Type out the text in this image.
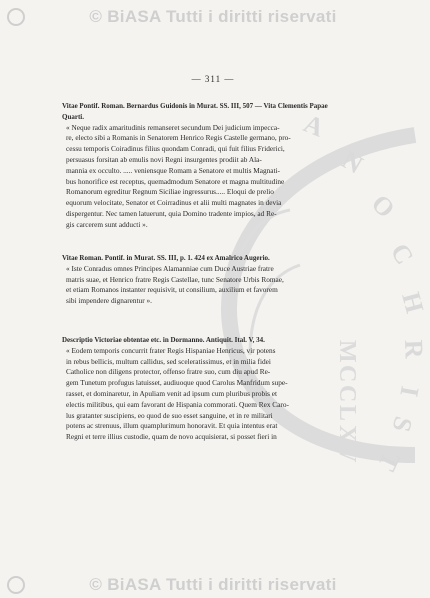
© BiASA Tutti i diritti riservati
A
N
O
C
H
R
I
S
T
M
C
C
L
X
V
— 311 —
Vitae Pontif. Roman. Bernardus Guidonis in Murat. SS. III, 507 — Vita Clementis Papae Quarti.
« Neque radix amaritudinis remanseret secundum Dei judicium impecca-
re, electo sibi a Romanis in Senatorem Henrico Regis Castelle germano, pro-
cessu temporis Coiradinus filius quondam Conradi, qui fuit filius Friderici,
persuasus forsitan ab emulis novi Regni insurgentes prodiit ab Ala-
mannia ex occulto. ..... veniensque Romam a Senatore et multis Magnati-
bus honorifice est receptus, quemadmodum Senatore et magna multitudine
Romanorum egreditur Regnum Siciliae ingressurus..... Eloqui de prelio
equorum velocitate, Senator et Coirradinus et alii multi magnates in devia
dispergentur. Nec tamen latuerunt, quia Domino tradente impios, ad Re-
gis carcerem sunt adducti ».
Vitae Roman. Pontif. in Murat. SS. III, p. 1. 424 ex Amalrico Augerio.
« Iste Conradus omnes Principes Alamanniae cum Duce Austriae fratre
matris suae, et Henrico fratre Regis Castellae, tunc Senatore Urbis Romae,
et etiam Romanos instanter requisivit, ut consilium, auxilium et favorem
sibi impendere dignarentur ».
Descriptio Victoriae obtentae etc. in Dormanno. Antiquit. Ital. V, 34.
« Eodem temporis concurrit frater Regis Hispaniae Henricus, vir potens
in rebus bellicis, multum callidus, sed sceleratissimus, et in milia fidei
Catholice non diligens protector, offenso fratre suo, cum diu apud Re-
gem Tunetum profugus latuisset, audiuoque quod Carolus Manfridum supe-
rasset, et dominaretur, in Apuliam venit ad ipsum cum pluribus probis et
electis militibus, qui eam favorant de Hispania commorati. Quem Rex Caro-
lus gratanter suscipiens, eo quod de suo esset sanguine, et in re militari
potens ac strenuus, illum quamplurimum honoravit. Et quia intentus erat
Regni et terre illius custodie, quam de novo acquisierat, si posset fieri in
© BiASA Tutti i diritti riservati
